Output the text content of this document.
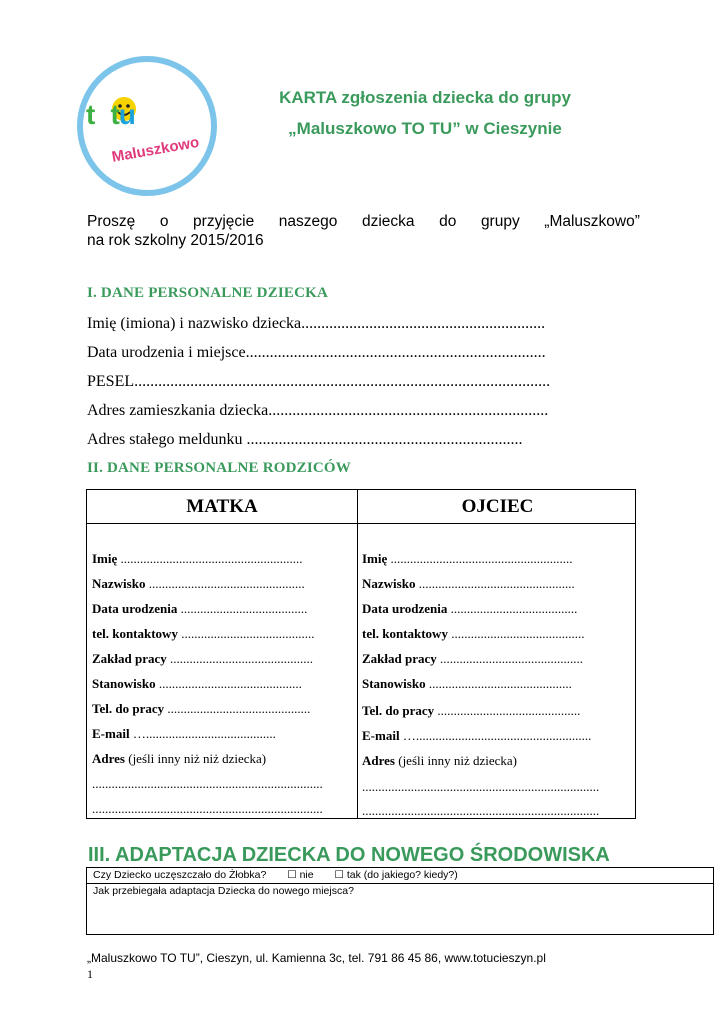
t tu
Maluszkowo
KARTA zgłoszenia dziecka do grupy
„Maluszkowo TO TU” w Cieszynie
Proszę o przyjęcie naszego dziecka do grupy „Maluszkowo”
na rok szkolny 2015/2016
I. DANE PERSONALNE DZIECKA
Imię (imiona) i nazwisko dziecka.............................................................
Data urodzenia i miejsce...........................................................................
PESEL........................................................................................................
Adres zamieszkania dziecka......................................................................
Adres stałego meldunku .....................................................................
II. DANE PERSONALNE RODZICÓW
MATKA	OJCIEC
Imię ........................................................
Nazwisko ................................................
Data urodzenia .......................................
tel. kontaktowy .........................................
Zakład pracy ............................................
Stanowisko ............................................
Tel. do pracy ............................................
E-mail …........................................
Adres (jeśli inny niż niż dziecka)
.......................................................................
.......................................................................
Imię ........................................................
Nazwisko ................................................
Data urodzenia .......................................
tel. kontaktowy .........................................
Zakład pracy ............................................
Stanowisko ............................................
Tel. do pracy ............................................
E-mail …......................................................
Adres (jeśli inny niż dziecka)
.........................................................................
.........................................................................
III. ADAPTACJA DZIECKA DO NOWEGO ŚRODOWISKA
Czy Dziecko uczęszczało do Żłobka? ☐ nie ☐ tak (do jakiego? kiedy?)
Jak przebiegała adaptacja Dziecka do nowego miejsca?
„Maluszkowo TO TU”, Cieszyn, ul. Kamienna 3c, tel. 791 86 45 86, www.totucieszyn.pl
1
